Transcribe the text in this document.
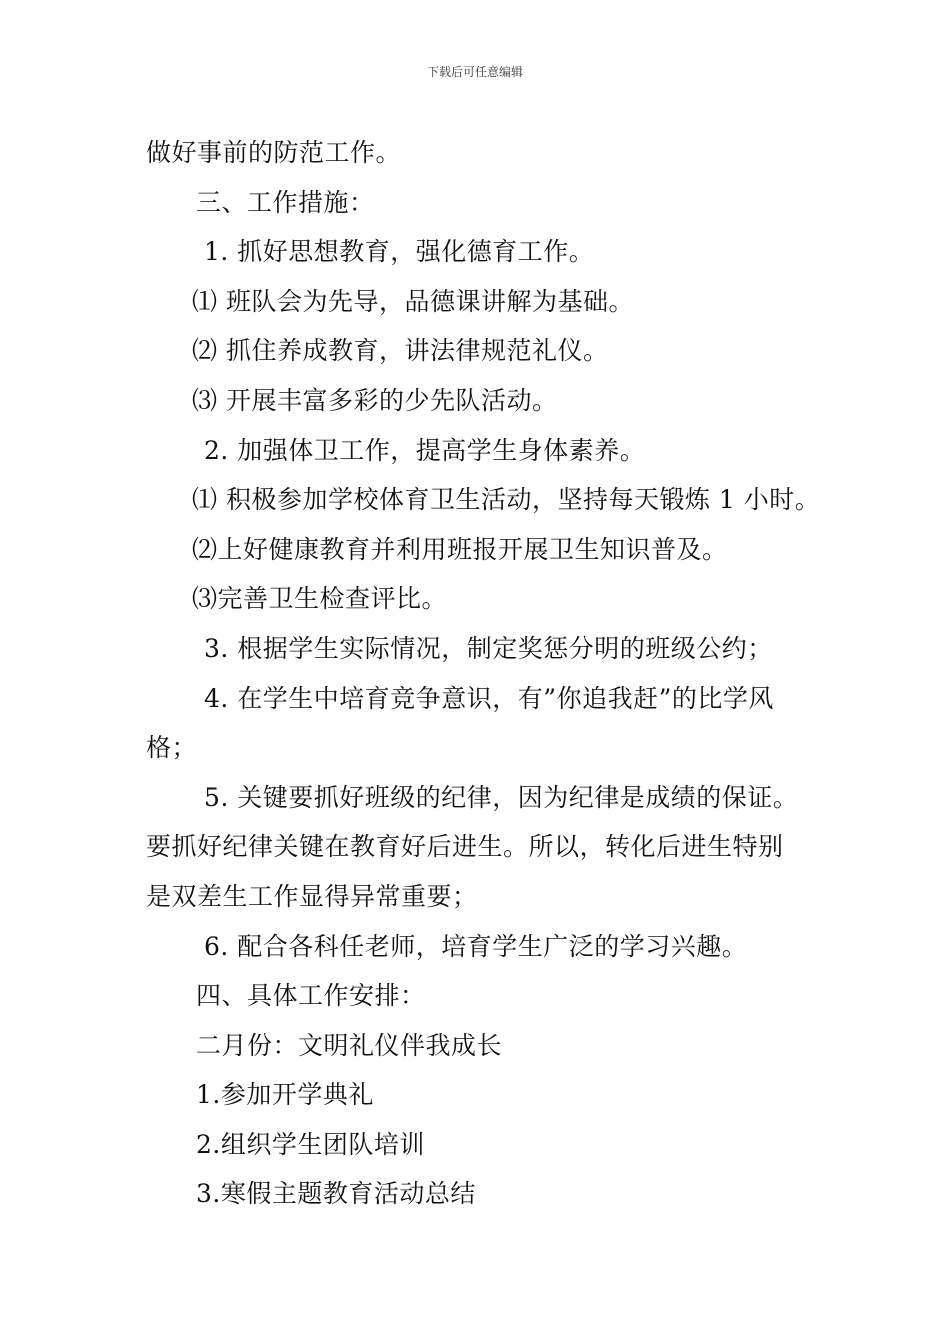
下载后可任意编辑
做好事前的防范工作。
三、工作措施：
1. 抓好思想教育，强化德育工作。
⑴ 班队会为先导，品德课讲解为基础。
⑵ 抓住养成教育，讲法律规范礼仪。
⑶ 开展丰富多彩的少先队活动。
2. 加强体卫工作，提高学生身体素养。
⑴ 积极参加学校体育卫生活动，坚持每天锻炼 1 小时。
⑵上好健康教育并利用班报开展卫生知识普及。
⑶完善卫生检查评比。
3. 根据学生实际情况，制定奖惩分明的班级公约；
4. 在学生中培育竞争意识，有”你追我赶”的比学风
格；
5. 关键要抓好班级的纪律，因为纪律是成绩的保证。
要抓好纪律关键在教育好后进生。所以，转化后进生特别
是双差生工作显得异常重要；
6. 配合各科任老师，培育学生广泛的学习兴趣。
四、具体工作安排：
二月份：文明礼仪伴我成长
1.参加开学典礼
2.组织学生团队培训
3.寒假主题教育活动总结
